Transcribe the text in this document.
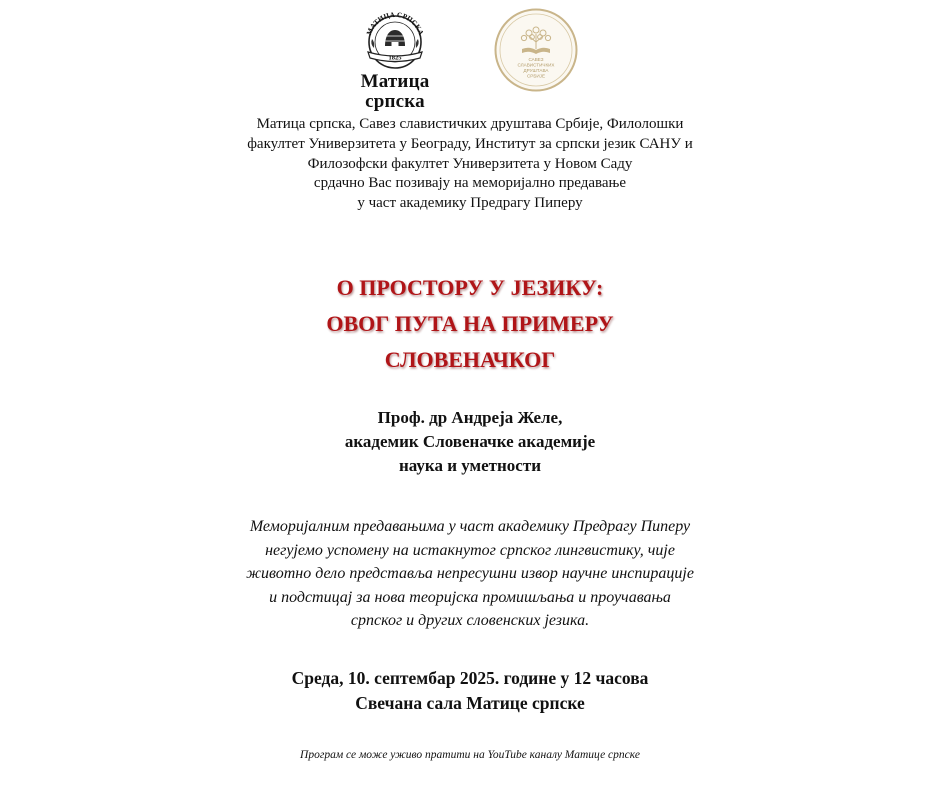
МАТИЦА СРПСКА
1825
Матица српска
САВЕЗ
СЛАВИСТИЧКИХ
ДРУШТАВА
СРБИЈЕ
Матица српска, Савез славистичких друштава Србије, Филолошки
факултет Универзитета у Београду, Институт за српски језик САНУ и
Филозофски факултет Универзитета у Новом Саду
срдачно Вас позивају на меморијално предавање
у част академику Предрагу Пиперу
О ПРОСТОРУ У ЈЕЗИКУ:
ОВОГ ПУТА НА ПРИМЕРУ
СЛОВЕНАЧКОГ
Проф. др Андреја Желе,
академик Словеначке академије
наука и уметности
Меморијалним предавањима у част академику Предрагу Пиперу
негујемо успомену на истакнутог српског лингвистику, чије
животно дело представља непресушни извор научне инспирације
и подстицај за нова теоријска промишљања и проучавања
српског и других словенских језика.
Среда, 10. септембар 2025. године у 12 часова
Свечана сала Матице српске
Програм се може уживо пратити на YouTube каналу Матице српске
